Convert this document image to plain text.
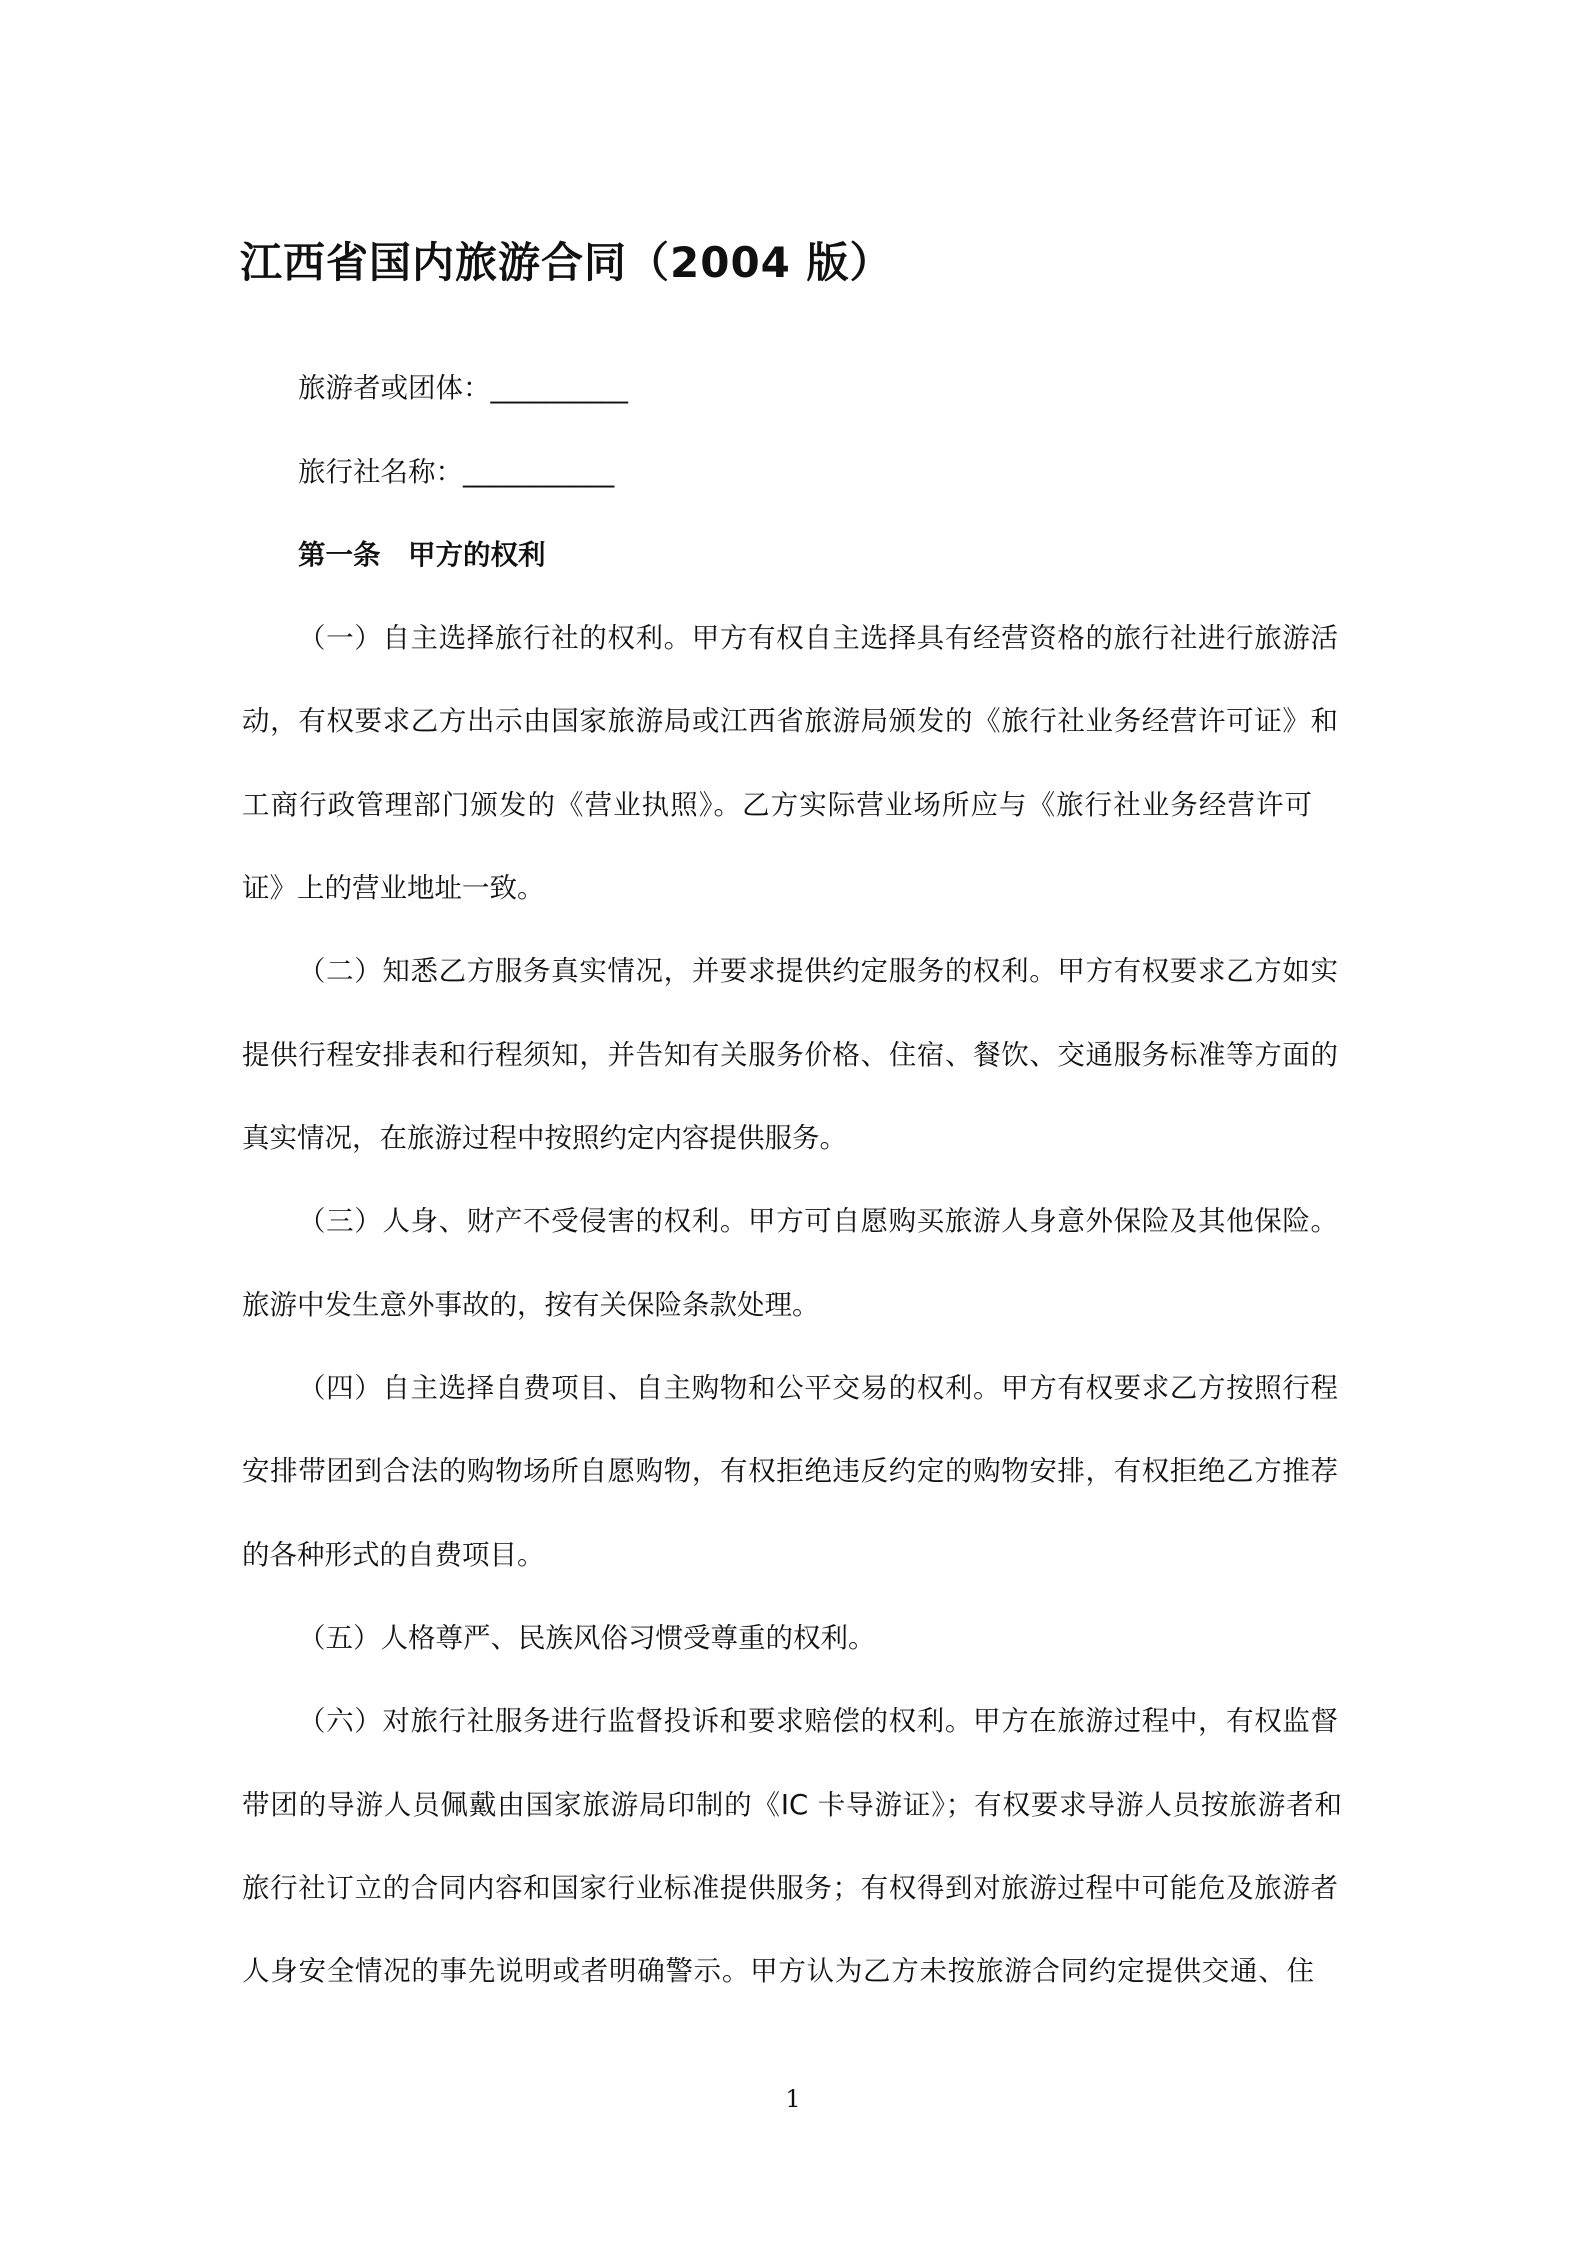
江西省国内旅游合同（2004 版）
旅游者或团体：__________
旅行社名称：___________
第一条　甲方的权利
（一）自主选择旅行社的权利。甲方有权自主选择具有经营资格的旅行社进行旅游活
动，有权要求乙方出示由国家旅游局或江西省旅游局颁发的《旅行社业务经营许可证》和
工商行政管理部门颁发的《营业执照》。乙方实际营业场所应与《旅行社业务经营许可
证》上的营业地址一致。
（二）知悉乙方服务真实情况，并要求提供约定服务的权利。甲方有权要求乙方如实
提供行程安排表和行程须知，并告知有关服务价格、住宿、餐饮、交通服务标准等方面的
真实情况，在旅游过程中按照约定内容提供服务。
（三）人身、财产不受侵害的权利。甲方可自愿购买旅游人身意外保险及其他保险。
旅游中发生意外事故的，按有关保险条款处理。
（四）自主选择自费项目、自主购物和公平交易的权利。甲方有权要求乙方按照行程
安排带团到合法的购物场所自愿购物，有权拒绝违反约定的购物安排，有权拒绝乙方推荐
的各种形式的自费项目。
（五）人格尊严、民族风俗习惯受尊重的权利。
（六）对旅行社服务进行监督投诉和要求赔偿的权利。甲方在旅游过程中，有权监督
带团的导游人员佩戴由国家旅游局印制的《IC 卡导游证》；有权要求导游人员按旅游者和
旅行社订立的合同内容和国家行业标准提供服务；有权得到对旅游过程中可能危及旅游者
人身安全情况的事先说明或者明确警示。甲方认为乙方未按旅游合同约定提供交通、住
1
